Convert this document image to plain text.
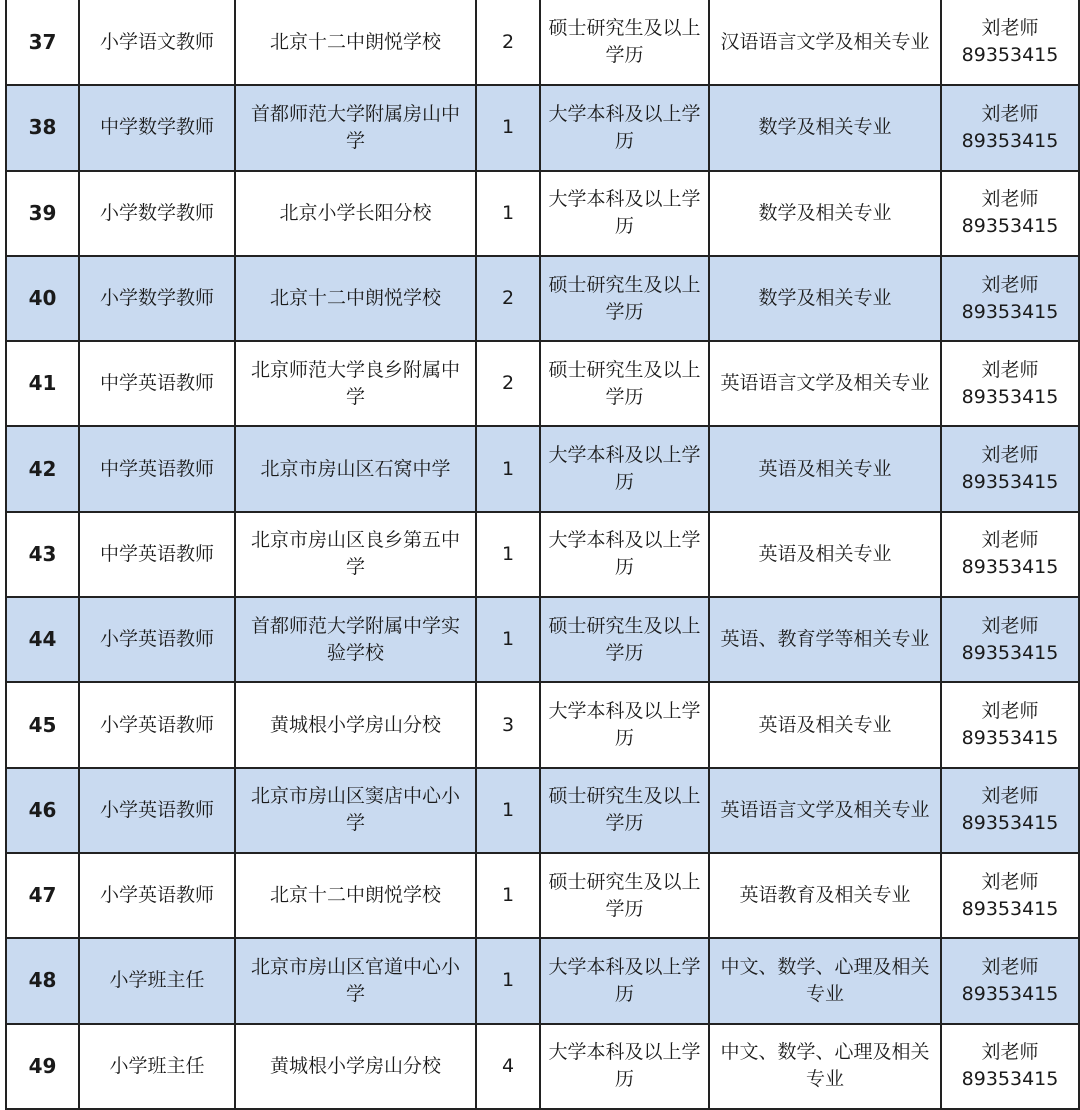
37	小学语文教师	北京十二中朗悦学校	2	硕士研究生及以上学历	汉语语言文学及相关专业	刘老师 89353415
38	中学数学教师	首都师范大学附属房山中学	1	大学本科及以上学历	数学及相关专业	刘老师 89353415
39	小学数学教师	北京小学长阳分校	1	大学本科及以上学历	数学及相关专业	刘老师 89353415
40	小学数学教师	北京十二中朗悦学校	2	硕士研究生及以上学历	数学及相关专业	刘老师 89353415
41	中学英语教师	北京师范大学良乡附属中学	2	硕士研究生及以上学历	英语语言文学及相关专业	刘老师 89353415
42	中学英语教师	北京市房山区石窝中学	1	大学本科及以上学历	英语及相关专业	刘老师 89353415
43	中学英语教师	北京市房山区良乡第五中学	1	大学本科及以上学历	英语及相关专业	刘老师 89353415
44	小学英语教师	首都师范大学附属中学实验学校	1	硕士研究生及以上学历	英语、教育学等相关专业	刘老师 89353415
45	小学英语教师	黄城根小学房山分校	3	大学本科及以上学历	英语及相关专业	刘老师 89353415
46	小学英语教师	北京市房山区窦店中心小学	1	硕士研究生及以上学历	英语语言文学及相关专业	刘老师 89353415
47	小学英语教师	北京十二中朗悦学校	1	硕士研究生及以上学历	英语教育及相关专业	刘老师 89353415
48	小学班主任	北京市房山区官道中心小学	1	大学本科及以上学历	中文、数学、心理及相关专业	刘老师 89353415
49	小学班主任	黄城根小学房山分校	4	大学本科及以上学历	中文、数学、心理及相关专业	刘老师 89353415
